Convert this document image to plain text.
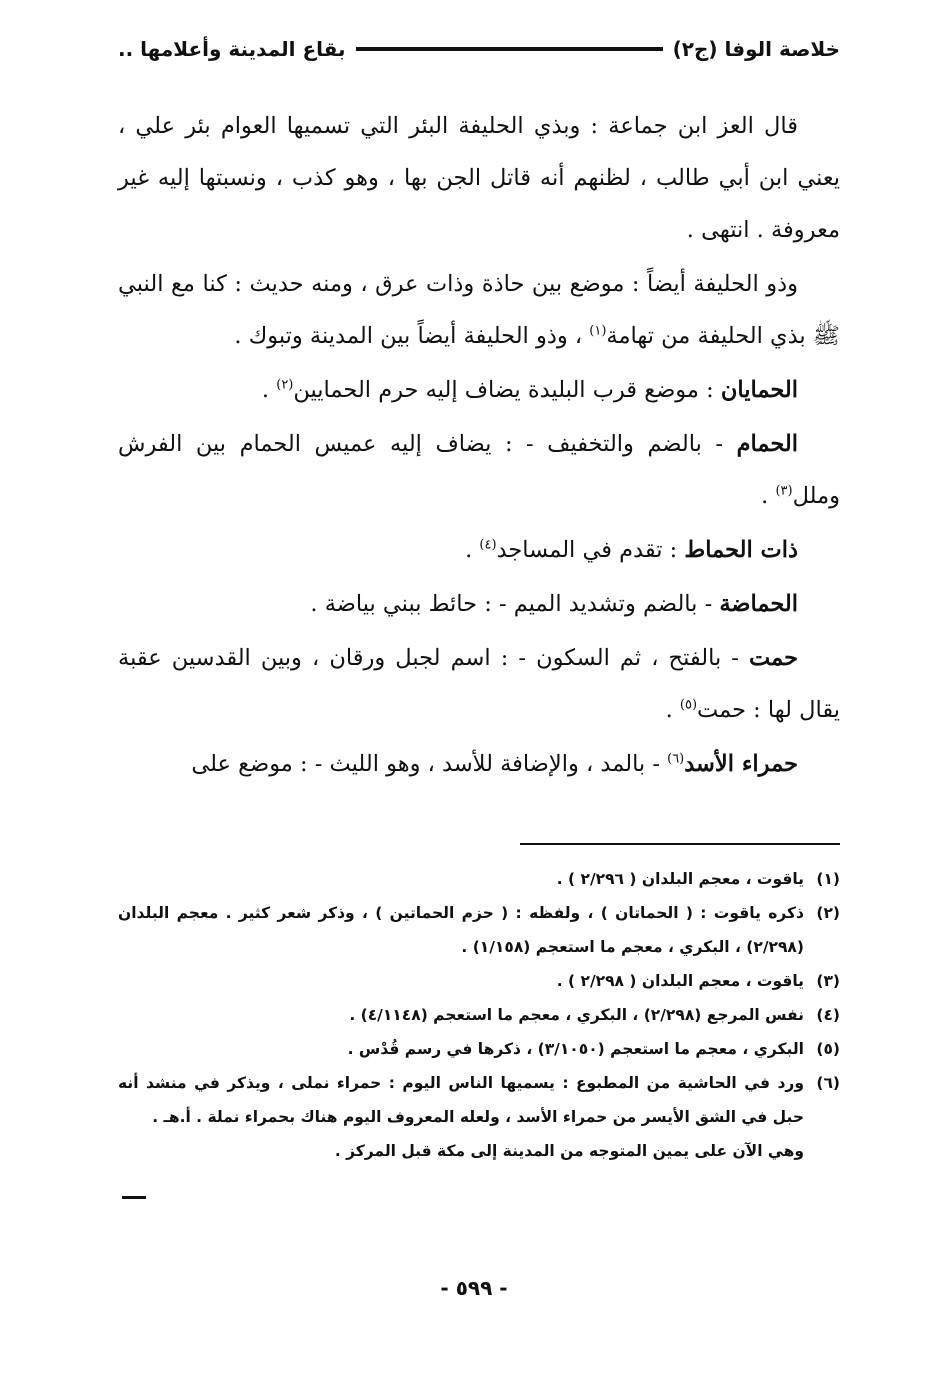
خلاصة الوفا (ج٢)
بقاع المدينة وأعلامها ..

قال العز ابن جماعة : وبذي الحليفة البئر التي تسميها العوام بئر علي ، يعني ابن أبي طالب ، لظنهم أنه قاتل الجن بها ، وهو كذب ، ونسبتها إليه غير معروفة . انتهى .

وذو الحليفة أيضاً : موضع بين حاذة وذات عرق ، ومنه حديث : كنا مع النبي ﷺ بذي الحليفة من تهامة$^{(١)}$ ، وذو الحليفة أيضاً بين المدينة وتبوك .

الحمايان : موضع قرب البليدة يضاف إليه حرم الحمايين$^{(٢)}$ .

الحمام - بالضم والتخفيف - : يضاف إليه عميس الحمام بين الفرش وملل$^{(٣)}$ .

ذات الحماط : تقدم في المساجد$^{(٤)}$ .

الحماضة - بالضم وتشديد الميم - : حائط ببني بياضة .

حمت - بالفتح ، ثم السكون - : اسم لجبل ورقان ، وبين القدسين عقبة يقال لها : حمت$^{(٥)}$ .

حمراء الأسد$^{(٦)}$ - بالمد ، والإضافة للأسد ، وهو الليث - : موضع على

(١)
ياقوت ، معجم البلدان ( ٢/٢٩٦ ) .
(٢)
ذكره ياقوت : ( الحماتان ) ، ولفظه : ( حزم الحماتين ) ، وذكر شعر كثير . معجم البلدان (٢/٢٩٨) ، البكري ، معجم ما استعجم (١/١٥٨) .
(٣)
ياقوت ، معجم البلدان ( ٢/٢٩٨ ) .
(٤)
نفس المرجع (٢/٢٩٨) ، البكري ، معجم ما استعجم (٤/١١٤٨) .
(٥)
البكري ، معجم ما استعجم (٣/١٠٥٠) ، ذكرها في رسم قُدْس .
(٦)
ورد في الحاشية من المطبوع : يسميها الناس اليوم : حمراء نملى ، ويذكر في منشد أنه حبل في الشق الأيسر من حمراء الأسد ، ولعله المعروف اليوم هناك بحمراء نملة . أ.هـ .
وهي الآن على يمين المتوجه من المدينة إلى مكة قبل المركز .
- ٥٩٩ -
